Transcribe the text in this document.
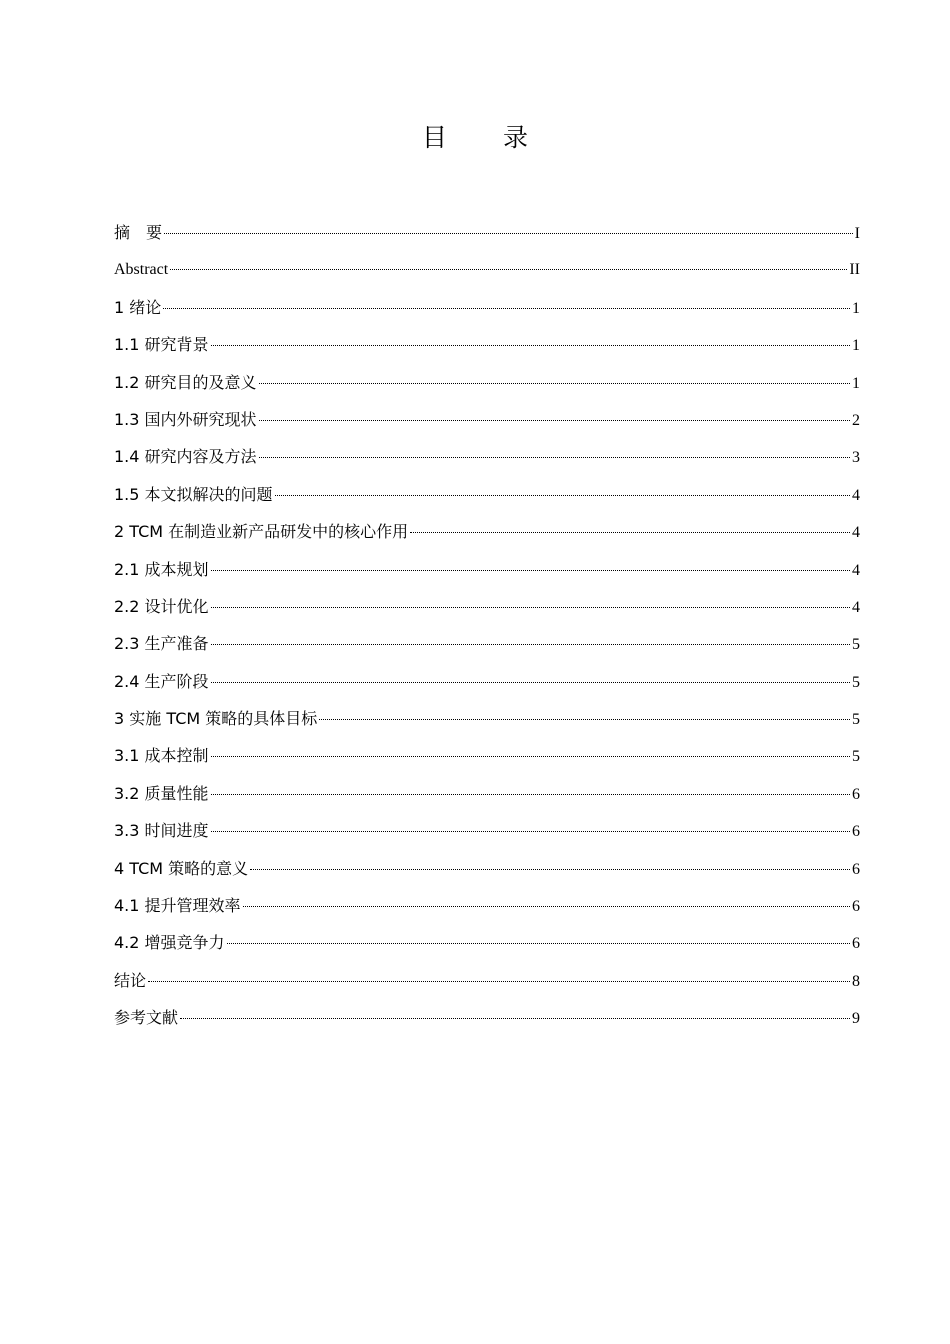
目 录
摘　要	I
Abstract	II
1 绪论	1
1.1 研究背景	1
1.2 研究目的及意义	1
1.3 国内外研究现状	2
1.4 研究内容及方法	3
1.5 本文拟解决的问题	4
2 TCM 在制造业新产品研发中的核心作用	4
2.1 成本规划	4
2.2 设计优化	4
2.3 生产准备	5
2.4 生产阶段	5
3 实施 TCM 策略的具体目标	5
3.1 成本控制	5
3.2 质量性能	6
3.3 时间进度	6
4 TCM 策略的意义	6
4.1 提升管理效率	6
4.2 增强竞争力	6
结论	8
参考文献	9
